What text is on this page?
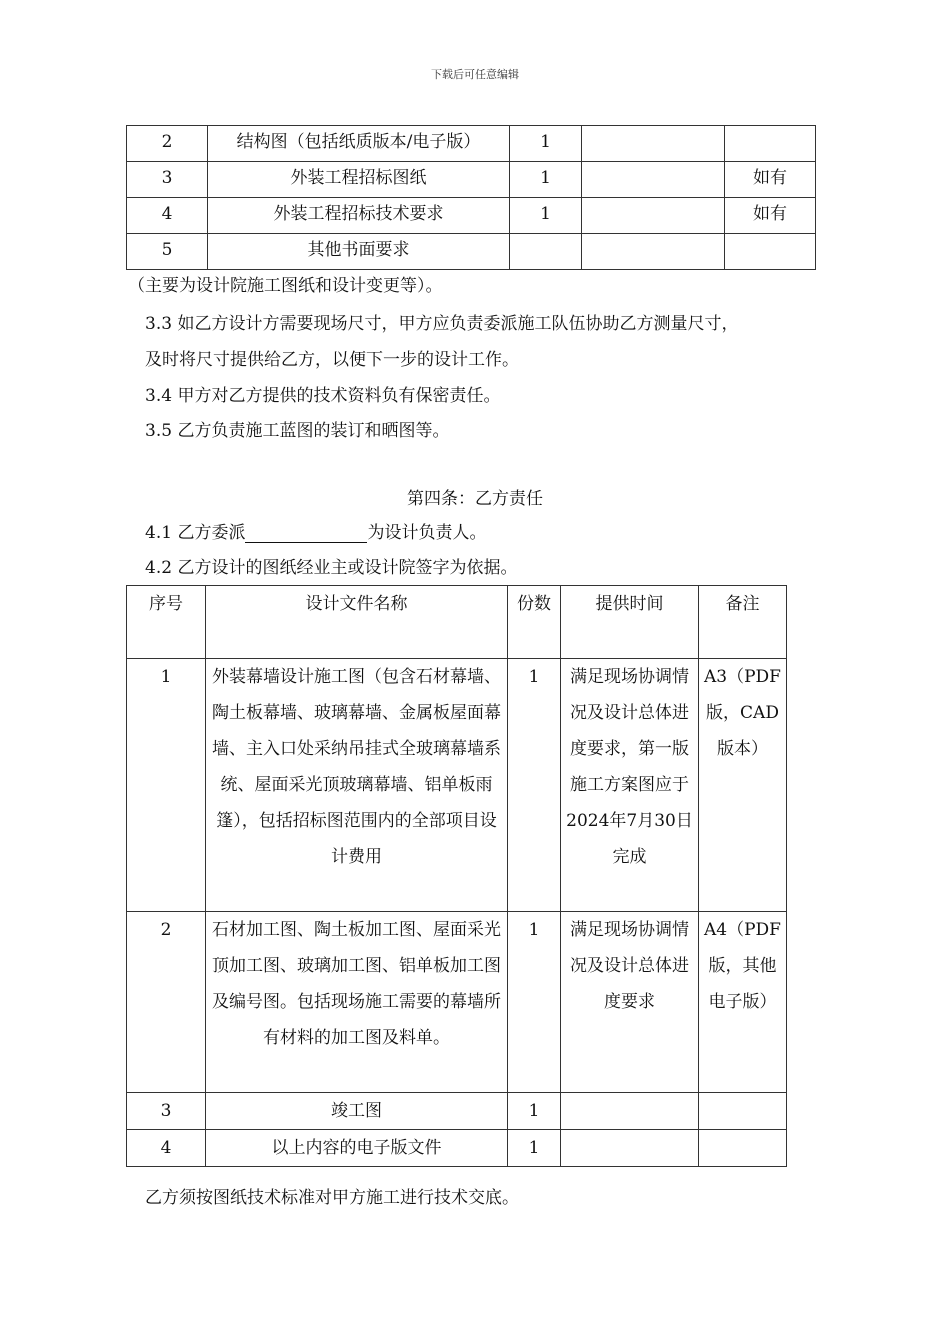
下载后可任意编辑
2	结构图（包括纸质版本/电子版）	1		
3	外装工程招标图纸	1		如有
4	外装工程招标技术要求	1		如有
5	其他书面要求			
（主要为设计院施工图纸和设计变更等）。
3.3 如乙方设计方需要现场尺寸，甲方应负责委派施工队伍协助乙方测量尺寸，
及时将尺寸提供给乙方，以便下一步的设计工作。
3.4 甲方对乙方提供的技术资料负有保密责任。
3.5 乙方负责施工蓝图的装订和晒图等。
第四条：乙方责任
4.1 乙方委派	为设计负责人。
4.2 乙方设计的图纸经业主或设计院签字为依据。
序号	设计文件名称	份数	提供时间	备注
1	外装幕墙设计施工图（包含石材幕墙、陶土板幕墙、玻璃幕墙、金属板屋面幕墙、主入口处采纳吊挂式全玻璃幕墙系统、屋面采光顶玻璃幕墙、铝单板雨篷），包括招标图范围内的全部项目设计费用	1	满足现场协调情况及设计总体进度要求，第一版施工方案图应于2024年7月30日完成	A3（PDF版，CAD版本）
2	石材加工图、陶土板加工图、屋面采光顶加工图、玻璃加工图、铝单板加工图及编号图。包括现场施工需要的幕墙所有材料的加工图及料单。	1	满足现场协调情况及设计总体进度要求	A4（PDF版，其他电子版）
3	竣工图	1		
4	以上内容的电子版文件	1		
乙方须按图纸技术标准对甲方施工进行技术交底。
